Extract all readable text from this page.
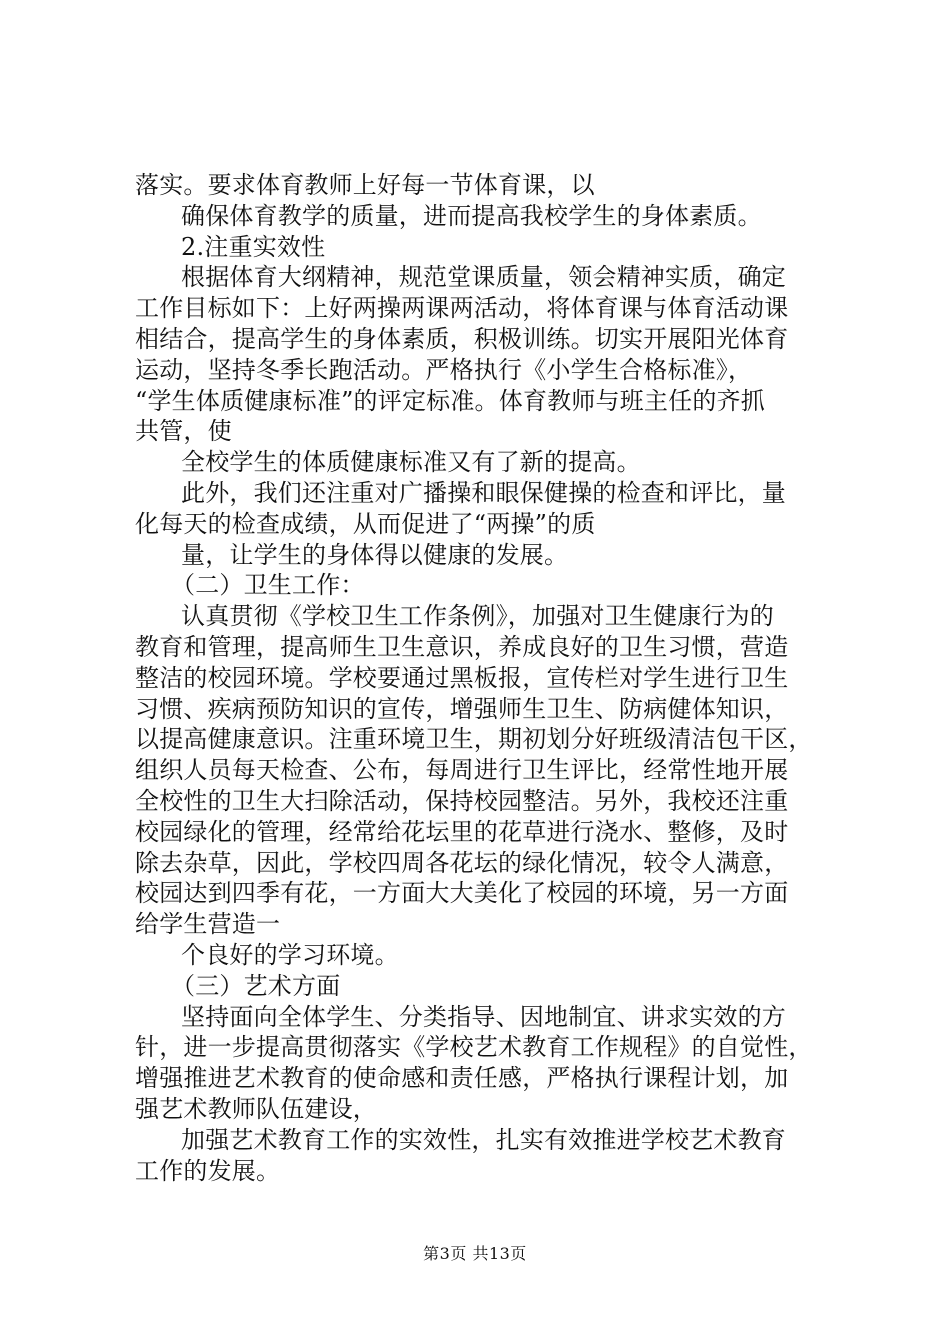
落实。要求体育教师上好每一节体育课，以
确保体育教学的质量，进而提高我校学生的身体素质。
2.注重实效性
根据体育大纲精神，规范堂课质量，领会精神实质，确定
工作目标如下：上好两操两课两活动，将体育课与体育活动课
相结合，提高学生的身体素质，积极训练。切实开展阳光体育
运动，坚持冬季长跑活动。严格执行《小学生合格标准》，
“学生体质健康标准”的评定标准。体育教师与班主任的齐抓
共管，使
全校学生的体质健康标准又有了新的提高。
此外，我们还注重对广播操和眼保健操的检查和评比，量
化每天的检查成绩，从而促进了“两操”的质
量，让学生的身体得以健康的发展。
（二）卫生工作：
认真贯彻《学校卫生工作条例》，加强对卫生健康行为的
教育和管理，提高师生卫生意识，养成良好的卫生习惯，营造
整洁的校园环境。学校要通过黑板报，宣传栏对学生进行卫生
习惯、疾病预防知识的宣传，增强师生卫生、防病健体知识，
以提高健康意识。注重环境卫生，期初划分好班级清洁包干区，
组织人员每天检查、公布，每周进行卫生评比，经常性地开展
全校性的卫生大扫除活动，保持校园整洁。另外，我校还注重
校园绿化的管理，经常给花坛里的花草进行浇水、整修，及时
除去杂草，因此，学校四周各花坛的绿化情况，较令人满意，
校园达到四季有花，一方面大大美化了校园的环境，另一方面
给学生营造一
个良好的学习环境。
（三）艺术方面
坚持面向全体学生、分类指导、因地制宜、讲求实效的方
针，进一步提高贯彻落实《学校艺术教育工作规程》的自觉性，
增强推进艺术教育的使命感和责任感，严格执行课程计划，加
强艺术教师队伍建设，
加强艺术教育工作的实效性，扎实有效推进学校艺术教育
工作的发展。
第3页 共13页
